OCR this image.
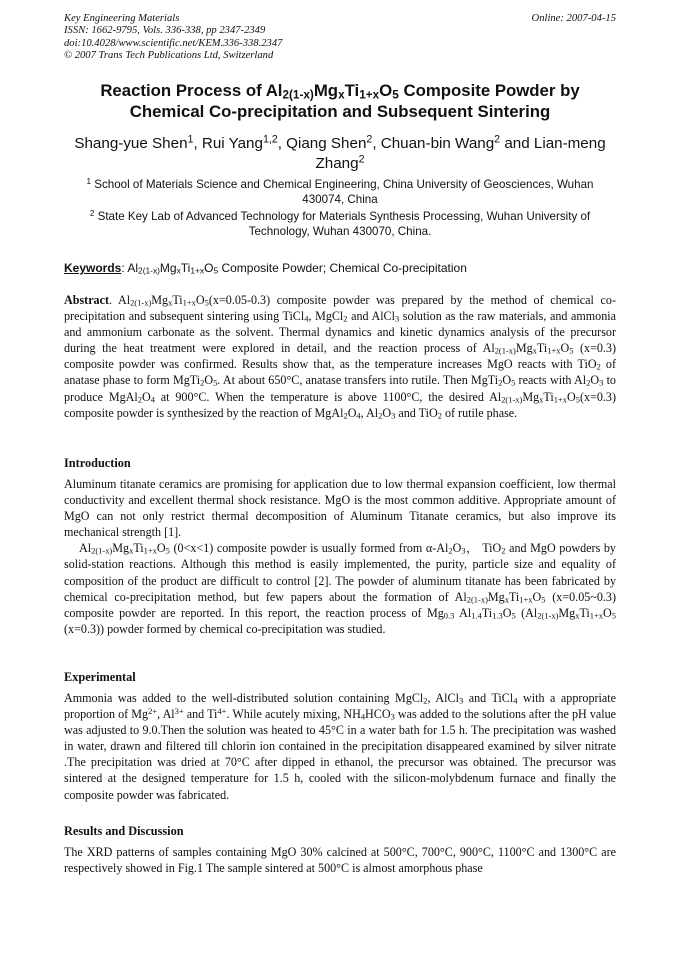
Key Engineering Materials
ISSN: 1662-9795, Vols. 336-338, pp 2347-2349
doi:10.4028/www.scientific.net/KEM.336-338.2347
© 2007 Trans Tech Publications Ltd, Switzerland
Online: 2007-04-15
Reaction Process of $Al_{2(1-x)}Mg_xTi_{1+x}O_5$ Composite Powder by Chemical Co-precipitation and Subsequent Sintering
Shang-yue Shen$^1$, Rui Yang$^{1,2}$, Qiang Shen$^2$, Chuan-bin Wang$^2$ and Lian-meng Zhang$^2$
$^1$ School of Materials Science and Chemical Engineering, China University of Geosciences, Wuhan 430074, China
$^2$ State Key Lab of Advanced Technology for Materials Synthesis Processing, Wuhan University of Technology, Wuhan 430070, China.
Keywords: $Al_{2(1-x)}Mg_xTi_{1+x}O_5$ Composite Powder; Chemical Co-precipitation
Abstract. $Al_{2(1-x)}Mg_xTi_{1+x}O_5(x=0.05-0.3)$ composite powder was prepared by the method of chemical co-precipitation and subsequent sintering using TiCl$_4$, MgCl$_2$ and AlCl$_3$ solution as the raw materials, and ammonia and ammonium carbonate as the solvent. Thermal dynamics and kinetic dynamics analysis of the precursor during the heat treatment were explored in detail, and the reaction process of $Al_{2(1-x)}Mg_xTi_{1+x}O_5$ (x=0.3) composite powder was confirmed. Results show that, as the temperature increases MgO reacts with TiO$_2$ of anatase phase to form $MgTi_2O_5$. At about 650°C, anatase transfers into rutile. Then $MgTi_2O_5$ reacts with $Al_2O_3$ to produce $MgAl_2O_4$ at 900°C. When the temperature is above 1100°C, the desired $Al_{2(1-x)}Mg_xTi_{1+x}O_5(x=0.3)$ composite powder is synthesized by the reaction of $MgAl_2O_4$, $Al_2O_3$ and TiO$_2$ of rutile phase.
Introduction

Aluminum titanate ceramics are promising for application due to low thermal expansion coefficient, low thermal conductivity and excellent thermal shock resistance. MgO is the most common additive. Appropriate amount of MgO can not only restrict thermal decomposition of Aluminum Titanate ceramics, but also improve its mechanical strength [1].

$Al_{2(1-x)}Mg_xTi_{1+x}O_5$ (0<x<1) composite powder is usually formed from $\alpha-Al_2O_3$， TiO$_2$ and MgO powders by solid-station reactions. Although this method is easily implemented, the purity, particle size and equality of composition of the product are difficult to control [2]. The powder of aluminum titanate has been fabricated by chemical co-precipitation method, but few papers about the formation of $Al_{2(1-x)}Mg_xTi_{1+x}O_5$ (x=0.05~0.3) composite powder are reported. In this report, the reaction process of $Mg_{0.3}$ $Al_{1.4}Ti_{1.3}O_5$ ($Al_{2(1-x)}Mg_xTi_{1+x}O_5$ (x=0.3)) powder formed by chemical co-precipitation was studied.

Experimental
Ammonia was added to the well-distributed solution containing MgCl$_2$, AlCl$_3$ and TiCl$_4$ with a appropriate proportion of $Mg^{2+}$, $Al^{3+}$ and $Ti^{4+}$. While acutely mixing, $NH_4HCO_3$ was added to the solutions after the pH value was adjusted to 9.0.Then the solution was heated to 45°C in a water bath for 1.5 h. The precipitation was washed in water, drawn and filtered till chlorin ion contained in the precipitation disappeared examined by silver nitrate .The precipitation was dried at 70°C after dipped in ethanol, the precursor was obtained. The precursor was sintered at the designed temperature for 1.5 h, cooled with the silicon-molybdenum furnace and finally the composite powder was fabricated.
Results and Discussion
The XRD patterns of samples containing MgO 30% calcined at 500°C, 700°C, 900°C, 1100°C and 1300°C are respectively showed in Fig.1 The sample sintered at 500°C is almost amorphous phase
